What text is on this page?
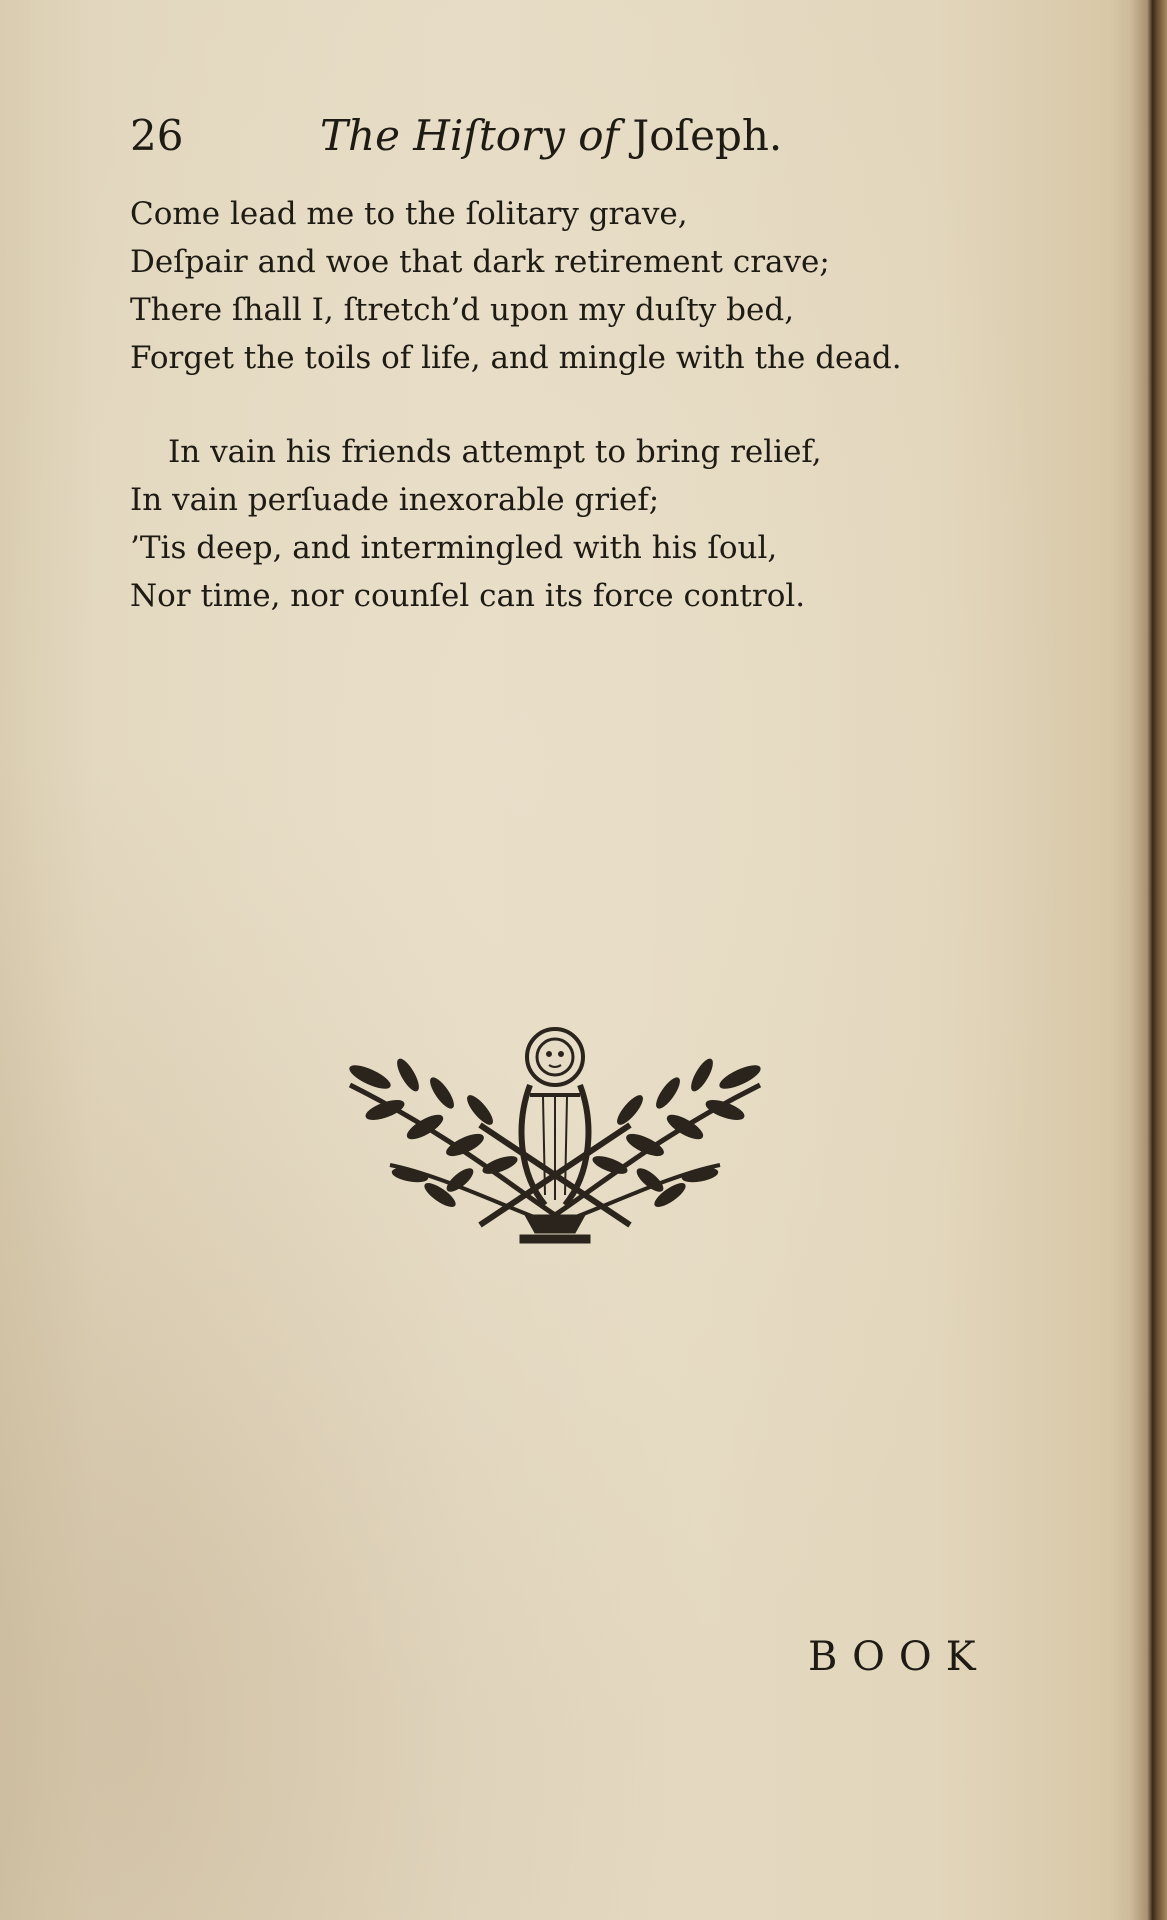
26	The Hiſtory of Joſeph.
Come lead me to the ſolitary grave,
Deſpair and woe that dark retirement crave;
There ſhall I, ſtretch’d upon my duſty bed,
Forget the toils of life, and mingle with the dead.
In vain his friends attempt to bring relief,
In vain perſuade inexorable grief;
’Tis deep, and intermingled with his ſoul,
Nor time, nor counſel can its force control.
BOOK
